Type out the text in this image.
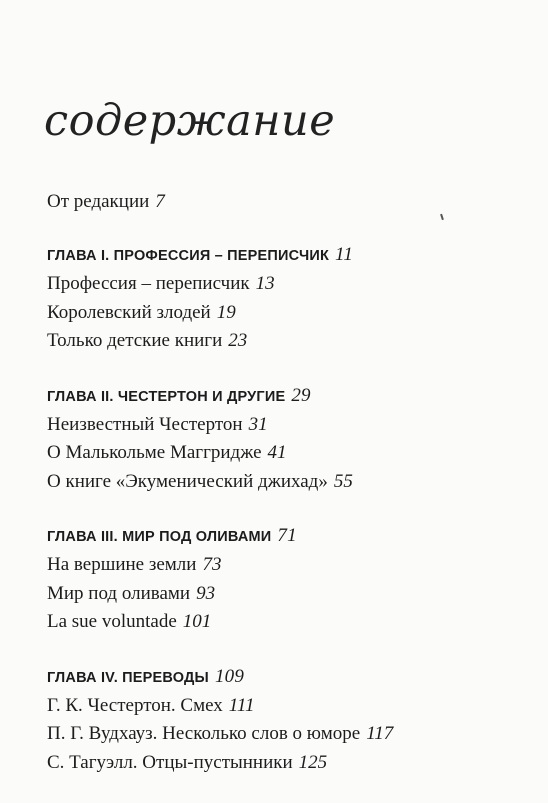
содержание
От редакции 7
ГЛАВА I. ПРОФЕССИЯ – ПЕРЕПИСЧИК 11
Профессия – переписчик 13
Королевский злодей 19
Только детские книги 23
ГЛАВА II. ЧЕСТЕРТОН И ДРУГИЕ 29
Неизвестный Честертон 31
О Малькольме Маггридже 41
О книге «Экуменический джихад» 55
ГЛАВА III. МИР ПОД ОЛИВАМИ 71
На вершине земли 73
Мир под оливами 93
La sue voluntade 101
ГЛАВА IV. ПЕРЕВОДЫ 109
Г. К. Честертон. Смех 111
П. Г. Вудхауз. Несколько слов о юморе 117
С. Тагуэлл. Отцы-пустынники 125
